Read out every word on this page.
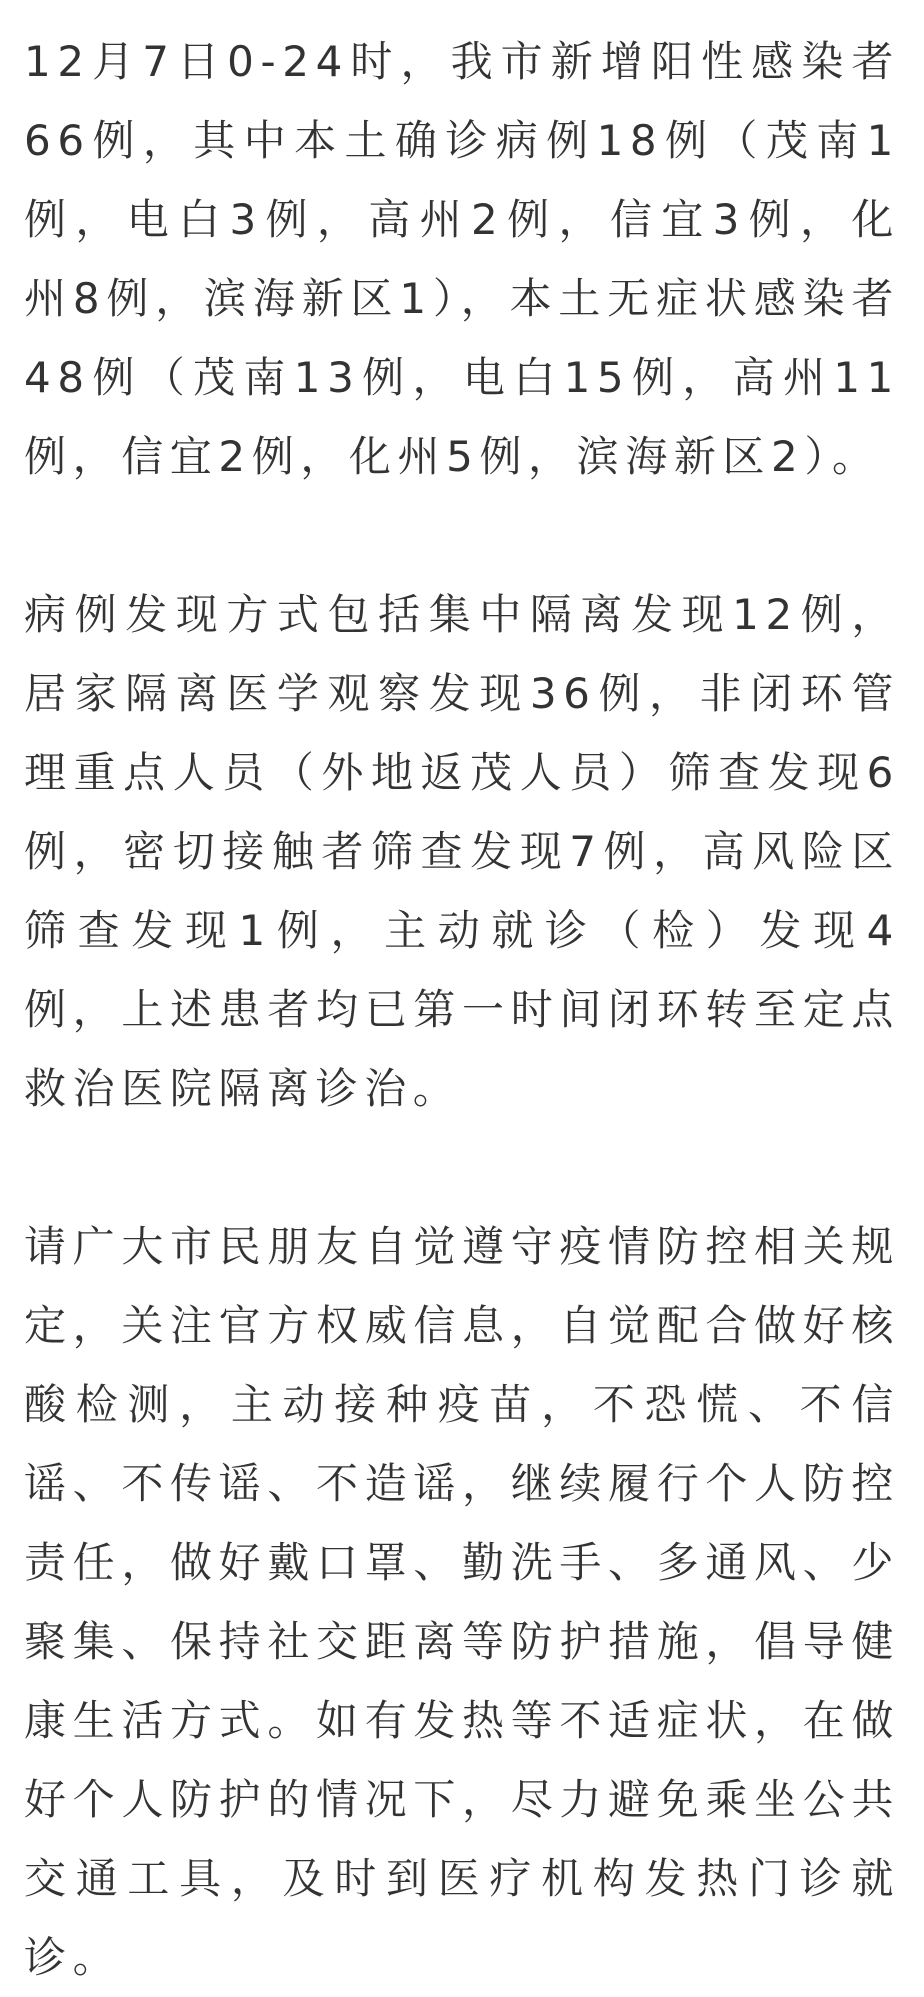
12月7日0-24时，我市新增阳性感染者66例，其中本土确诊病例18例（茂南1例，电白3例，高州2例，信宜3例，化州8例，滨海新区1），本土无症状感染者48例（茂南13例，电白15例，高州11例，信宜2例，化州5例，滨海新区2）。

病例发现方式包括集中隔离发现12例，居家隔离医学观察发现36例，非闭环管理重点人员（外地返茂人员）筛查发现6例，密切接触者筛查发现7例，高风险区筛查发现1例，主动就诊（检）发现4例，上述患者均已第一时间闭环转至定点救治医院隔离诊治。

请广大市民朋友自觉遵守疫情防控相关规定，关注官方权威信息，自觉配合做好核酸检测，主动接种疫苗，不恐慌、不信谣、不传谣、不造谣，继续履行个人防控责任，做好戴口罩、勤洗手、多通风、少聚集、保持社交距离等防护措施，倡导健康生活方式。如有发热等不适症状，在做好个人防护的情况下，尽力避免乘坐公共交通工具，及时到医疗机构发热门诊就诊。
